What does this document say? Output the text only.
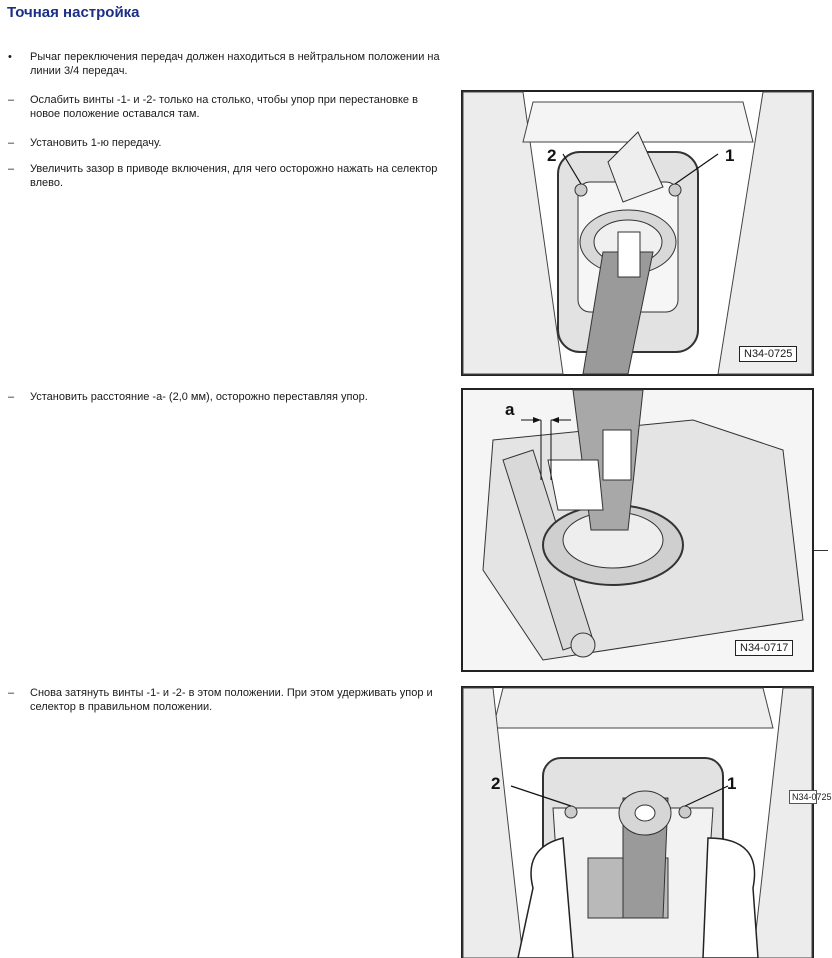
Точная настройка
•	Рычаг переключения передач должен находиться в нейтральном положении на линии 3/4 передач.
–	Ослабить винты -1- и -2- только на столько, чтобы упор при перестановке в новое положение оставался там.
–	Установить 1-ю передачу.
–	Увеличить зазор в приводе включения, для чего осторожно нажать на селектор влево.
–	Установить расстояние -a- (2,0 мм), осторожно переставляя упор.
–	Снова затянуть винты -1- и -2- в этом положении. При этом удерживать упор и селектор в правильном положении.
2	1
N34-0725
a
N34-0717
2	1
N34-0725
